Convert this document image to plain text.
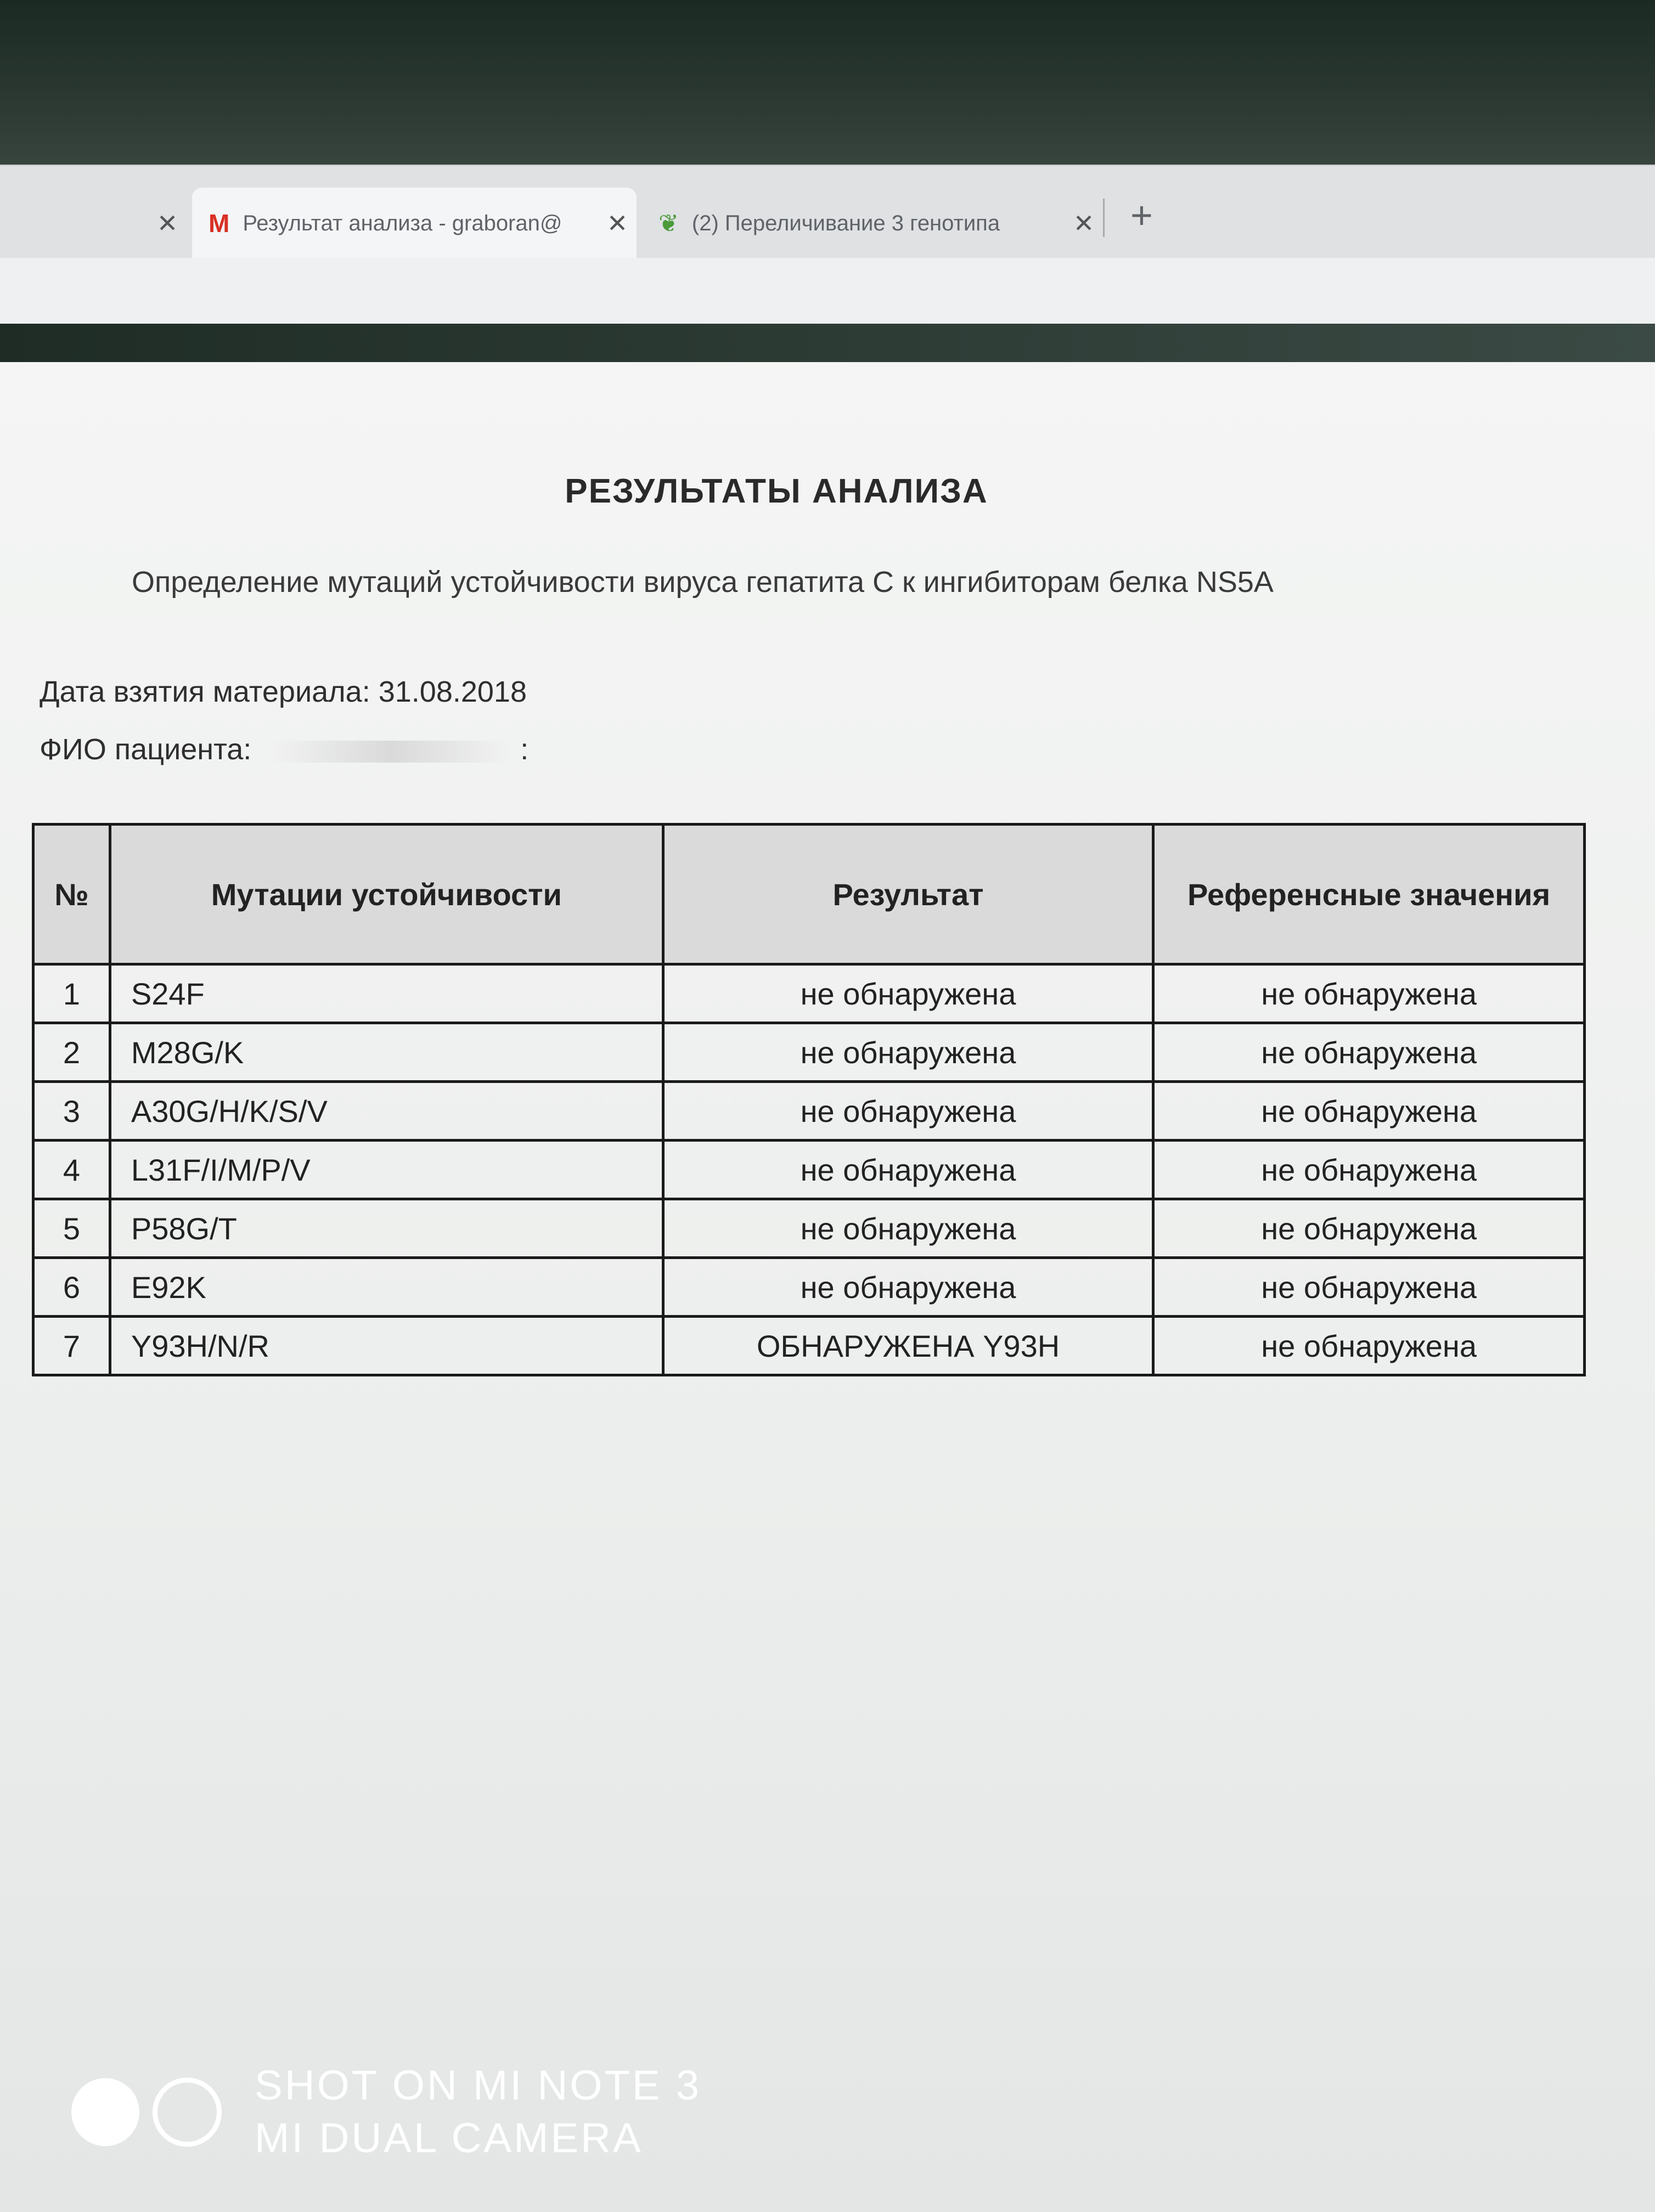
✕	M Результат анализа - graboran@	✕	❦ (2) Переличивание 3 генотипа	✕ +
РЕЗУЛЬТАТЫ АНАЛИЗА
Определение мутаций устойчивости вируса гепатита С к ингибиторам белка NS5A
Дата взятия материала: 31.08.2018
ФИО пациента:	:
№	Мутации устойчивости	Результат	Референсные значения
1	S24F	не обнаружена	не обнаружена
2	M28G/K	не обнаружена	не обнаружена
3	A30G/H/K/S/V	не обнаружена	не обнаружена
4	L31F/I/M/P/V	не обнаружена	не обнаружена
5	P58G/T	не обнаружена	не обнаружена
6	E92K	не обнаружена	не обнаружена
7	Y93H/N/R	ОБНАРУЖЕНА Y93H	не обнаружена
SHOT ON MI NOTE 3
MI DUAL CAMERA
